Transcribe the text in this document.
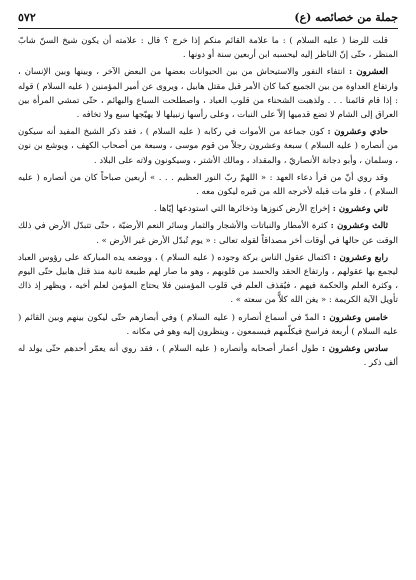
جملة من خصائصه (ع)
٥٧٢

قلت للرضا ( عليه السلام ) : ما علامة القائم منكم إذا خرج ؟ قال : علامته أن يكون شيخ السنّ شابّ المنظر ، حتّى إنّ الناظر إليه ليحسبه ابن أربعين سنة أو دونها .

العشرون : انتفاء النفور والاستيحاش من بين الحيوانات بعضها من البعض الآخر ، وبينها وبين الإنسان ، وارتفاع العداوة من بين الجميع كما كان الأمر قبل مقتل هابيل ، ويروى عن أمير المؤمنين ( عليه السلام ) قوله : إذا قام قائمنا . . . ولذهبت الشحناء من قلوب العباد ، واصطلحت السباع والبهائم ، حتّى تمشي المرأة بين العراق إلى الشام لا تضع قدميها إلاّ على النبات ، وعلى رأسها زنبيلها لا يهيّجها سبع ولا تخافه .

حادي وعشرون : كون جماعة من الأموات في ركابه ( عليه السلام ) ، فقد ذكر الشيخ المفيد أنه سيكون من أنصاره ( عليه السلام ) سبعة وعشرون رجلاً من قوم موسى ، وسبعة من أصحاب الكهف ، ويوشع بن نون ، وسلمان ، وأبو دجانة الأنصاريّ ، والمقداد ، ومالك الأشتر ، وسيكونون ولاته على البلاد .

وقد روي أنّ من قرأ دعاء العهد : « اللهمّ ربّ النور العظيم . . . » أربعين صباحاً كان من أنصاره ( عليه السلام ) ، فلو مات قبله لأخرجه الله من قبره ليكون معه .

ثاني وعشرون : إخراج الأرض كنوزها وذخائرها التي استودعها إيّاها .

ثالث وعشرون : كثرة الأمطار والنباتات والأشجار والثمار وسائر النعم الأرضيّة ، حتّى تتبدّل الأرض في ذلك الوقت عن حالها في أوقات أخر مصداقاً لقوله تعالى : « يوم تُبدّل الأرض غير الأرض » .

رابع وعشرون : اكتمال عقول الناس بركة وجوده ( عليه السلام ) ، ووضعه يده المباركة على رؤوس العباد ليجمع بها عقولهم ، وارتفاع الحقد والحسد من قلوبهم ، وهو ما صار لهم طبيعة ثانية منذ قتل هابيل حتّى اليوم ، وكثرة العلم والحكمة فيهم ، فيُقذف العلم في قلوب المؤمنين فلا يحتاج المؤمن لعلم أخيه ، ويظهر إذ ذاك تأويل الآية الكريمة : « يغن الله كلاًّ من سعته » .

خامس وعشرون : المدّ في أسماع أنصاره ( عليه السلام ) وفي أبصارهم حتّى ليكون بينهم وبين القائم ( عليه السلام ) أربعة فراسخ فيكلّمهم فيسمعون ، وينظرون إليه وهو في مكانه .

سادس وعشرون : طول أعمار أصحابه وأنصاره ( عليه السلام ) ، فقد روي أنه يعمّر أحدهم حتّى يولد له ألف ذكر .
